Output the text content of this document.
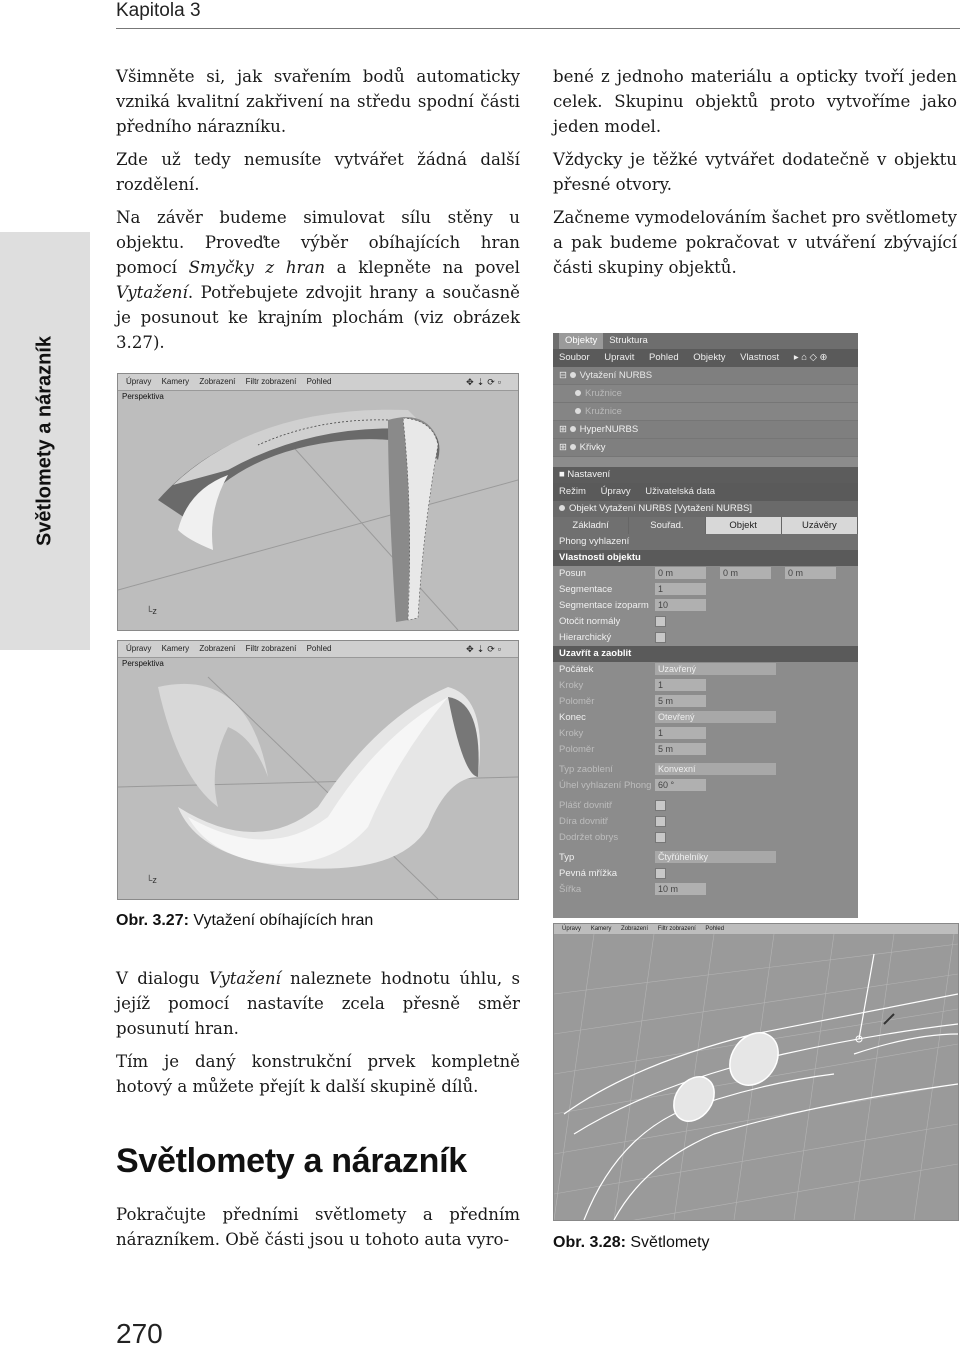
Kapitola 3
Světlomety a nárazník

Všimněte si, jak svařením bodů automaticky vzniká kvalitní zakřivení na středu spodní části předního nárazníku.

Zde už tedy nemusíte vytvářet žádná další rozdělení.

Na závěr budeme simulovat sílu stěny u objektu. Proveďte výběr obíhajících hran pomocí Smyčky z hran a klepněte na povel Vytažení. Potřebujete zdvojit hrany a současně je posunout ke krajním plochám (viz obrázek 3.27).

bené z jednoho materiálu a opticky tvoří jeden celek. Skupinu objektů proto vytvoříme jako jeden model.

Vždycky je těžké vytvářet dodatečně v objektu přesné otvory.

Začneme vymodelováním šachet pro světlomety a pak budeme pokračovat v utváření zbývající části skupiny objektů.

Úpravy Kamery Zobrazení Filtr zobrazení Pohled	✥⇣⟳▫
Perspektiva
└z
Úpravy Kamery Zobrazení Filtr zobrazení Pohled	✥⇣⟳▫
Perspektiva
└z
Obr. 3.27: Vytažení obíhajících hran
Objekty Struktura
Soubor Upravit Pohled Objekty Vlastnost ▸ ⌂ ◇ ⊕
⊟ Vytažení NURBS
Kružnice
Kružnice
⊞ HyperNURBS
⊞ Křivky
■ Nastavení
Režim Úpravy Uživatelská data
Objekt Vytažení NURBS [Vytažení NURBS]
Základní	Souřad.	Objekt	Uzávěry
Phong vyhlazení
Vlastnosti objektu
Posun	0 m	0 m	0 m
Segmentace	1
Segmentace izoparm 10
Otočit normály
Hierarchický
Uzavřít a zaoblit
Počátek	Uzavřený
Kroky	1
Poloměr	5 m
Konec	Otevřený
Kroky	1
Poloměr	5 m
Typ zaoblení	Konvexní
Úhel vyhlazení Phong 60 °
Plášť dovnitř
Díra dovnitř
Dodržet obrys
Typ	Čtyřúhelníky
Pevná mřížka
Šířka	10 m
Úpravy Kamery Zobrazení Filtr zobrazení Pohled
Obr. 3.28: Světlomety

V dialogu Vytažení naleznete hodnotu úhlu, s jejíž pomocí nastavíte zcela přesně směr posunutí hran.

Tím je daný konstrukční prvek kompletně hotový a můžete přejít k další skupině dílů.

Světlomety a nárazník

Pokračujte předními světlomety a předním nárazníkem. Obě části jsou u tohoto auta vyro-

270
